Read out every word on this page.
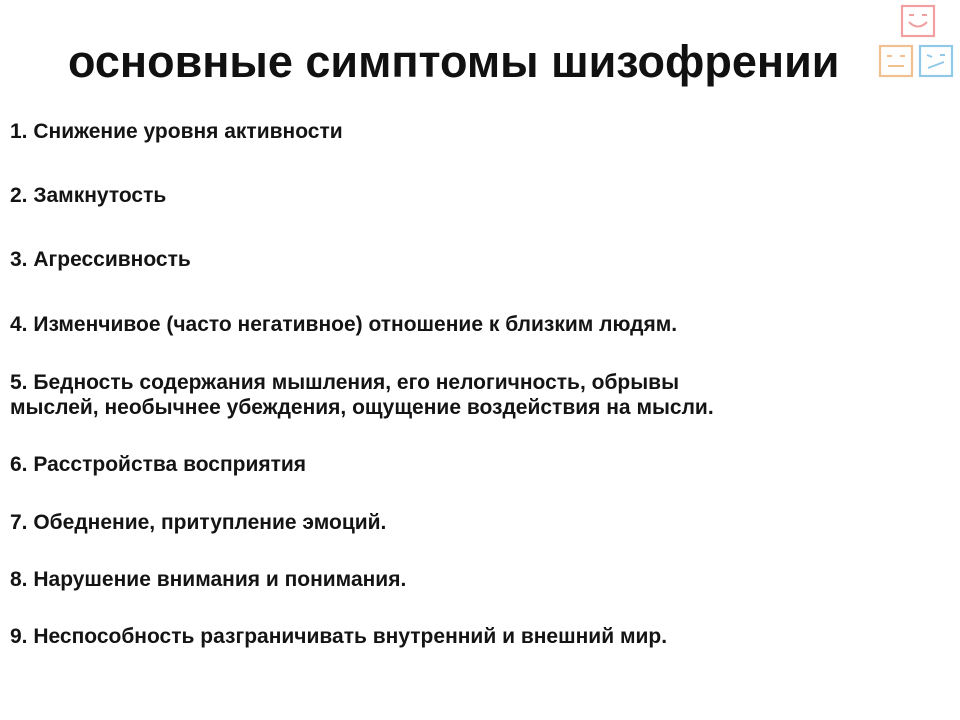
основные симптомы шизофрении

1. Снижение уровня активности

2. Замкнутость

3. Агрессивность

4. Изменчивое (часто негативное) отношение к близким людям.

5. Бедность содержания мышления, его нелогичность, обрывы

мыслей, необычнее убеждения, ощущение воздействия на мысли.

6. Расстройства восприятия

7. Обеднение, притупление эмоций.

8. Нарушение внимания и понимания.

9. Неспособность разграничивать внутренний и внешний мир.
